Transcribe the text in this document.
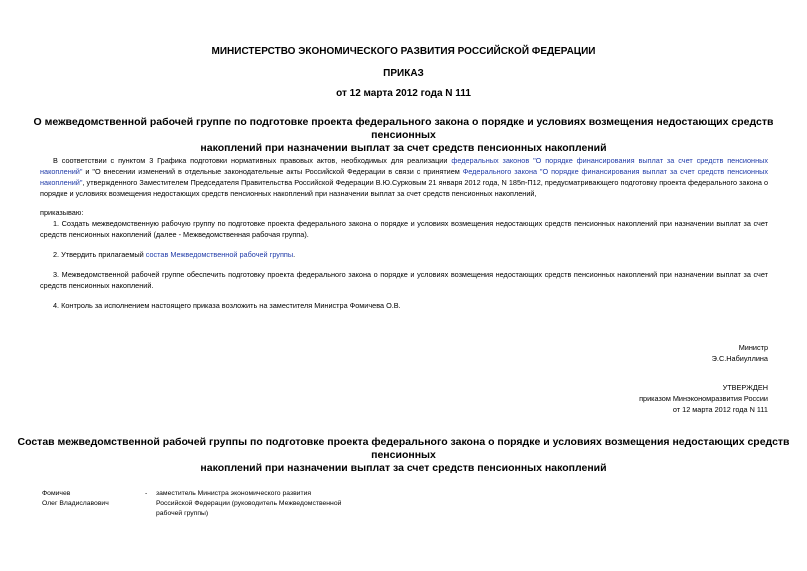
МИНИСТЕРСТВО ЭКОНОМИЧЕСКОГО РАЗВИТИЯ РОССИЙСКОЙ ФЕДЕРАЦИИ
ПРИКАЗ
от 12 марта 2012 года N 111
О межведомственной рабочей группе по подготовке проекта федерального закона о порядке и условиях возмещения недостающих средств пенсионных
накоплений при назначении выплат за счет средств пенсионных накоплений
В соответствии с пунктом 3 Графика подготовки нормативных правовых актов, необходимых для реализации федеральных законов "О порядке финансирования выплат за счет средств пенсионных накоплений" и "О внесении изменений в отдельные законодательные акты Российской Федерации в связи с принятием Федерального закона "О порядке финансирования выплат за счет средств пенсионных накоплений", утвержденного Заместителем Председателя Правительства Российской Федерации В.Ю.Сурковым 21 января 2012 года, N 185п-П12, предусматривающего подготовку проекта федерального закона о порядке и условиях возмещения недостающих средств пенсионных накоплений при назначении выплат за счет средств пенсионных накоплений,
приказываю:
1. Создать межведомственную рабочую группу по подготовке проекта федерального закона о порядке и условиях возмещения недостающих средств пенсионных накоплений при назначении выплат за счет средств пенсионных накоплений (далее - Межведомственная рабочая группа).
2. Утвердить прилагаемый состав Межведомственной рабочей группы.
3. Межведомственной рабочей группе обеспечить подготовку проекта федерального закона о порядке и условиях возмещения недостающих средств пенсионных накоплений при назначении выплат за счет средств пенсионных накоплений.
4. Контроль за исполнением настоящего приказа возложить на заместителя Министра Фомичева О.В.
Министр
Э.С.Набиуллина
УТВЕРЖДЕН
приказом Минэкономразвития России
от 12 марта 2012 года N 111
Состав межведомственной рабочей группы по подготовке проекта федерального закона о порядке и условиях возмещения недостающих средств пенсионных
накоплений при назначении выплат за счет средств пенсионных накоплений
Фомичев
Олег Владиславович
- заместитель Министра экономического развития
Российской Федерации (руководитель Межведомственной
рабочей группы)
